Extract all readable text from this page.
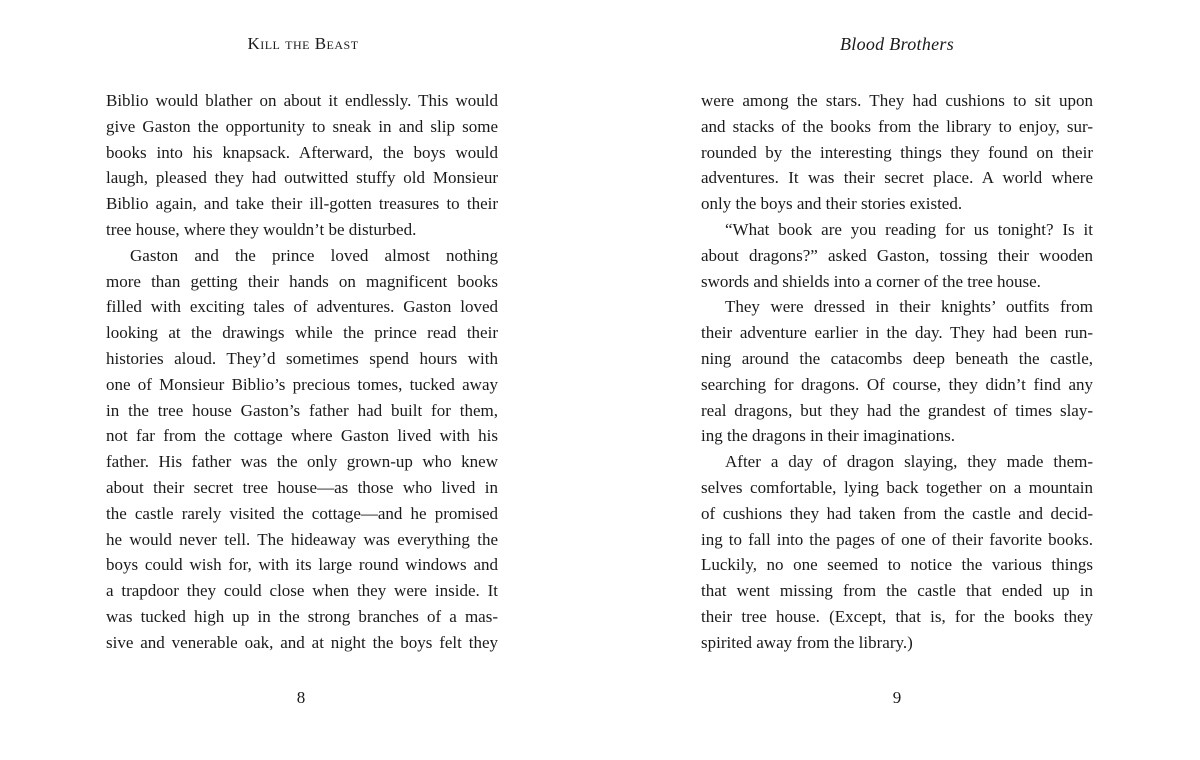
Kill the Beast
Biblio would blather on about it endlessly. This would
give Gaston the opportunity to sneak in and slip some
books into his knapsack. Afterward, the boys would
laugh, pleased they had outwitted stuffy old Monsieur
Biblio again, and take their ill-gotten treasures to their
tree house, where they wouldn’t be disturbed.
Gaston and the prince loved almost nothing
more than getting their hands on magnificent books
filled with exciting tales of adventures. Gaston loved
looking at the drawings while the prince read their
histories aloud. They’d sometimes spend hours with
one of Monsieur Biblio’s precious tomes, tucked away
in the tree house Gaston’s father had built for them,
not far from the cottage where Gaston lived with his
father. His father was the only grown-up who knew
about their secret tree house—as those who lived in
the castle rarely visited the cottage—and he promised
he would never tell. The hideaway was everything the
boys could wish for, with its large round windows and
a trapdoor they could close when they were inside. It
was tucked high up in the strong branches of a mas-
sive and venerable oak, and at night the boys felt they
8
Blood Brothers
were among the stars. They had cushions to sit upon
and stacks of the books from the library to enjoy, sur-
rounded by the interesting things they found on their
adventures. It was their secret place. A world where
only the boys and their stories existed.
“What book are you reading for us tonight? Is it
about dragons?” asked Gaston, tossing their wooden
swords and shields into a corner of the tree house.
They were dressed in their knights’ outfits from
their adventure earlier in the day. They had been run-
ning around the catacombs deep beneath the castle,
searching for dragons. Of course, they didn’t find any
real dragons, but they had the grandest of times slay-
ing the dragons in their imaginations.
After a day of dragon slaying, they made them-
selves comfortable, lying back together on a mountain
of cushions they had taken from the castle and decid-
ing to fall into the pages of one of their favorite books.
Luckily, no one seemed to notice the various things
that went missing from the castle that ended up in
their tree house. (Except, that is, for the books they
spirited away from the library.)
9
